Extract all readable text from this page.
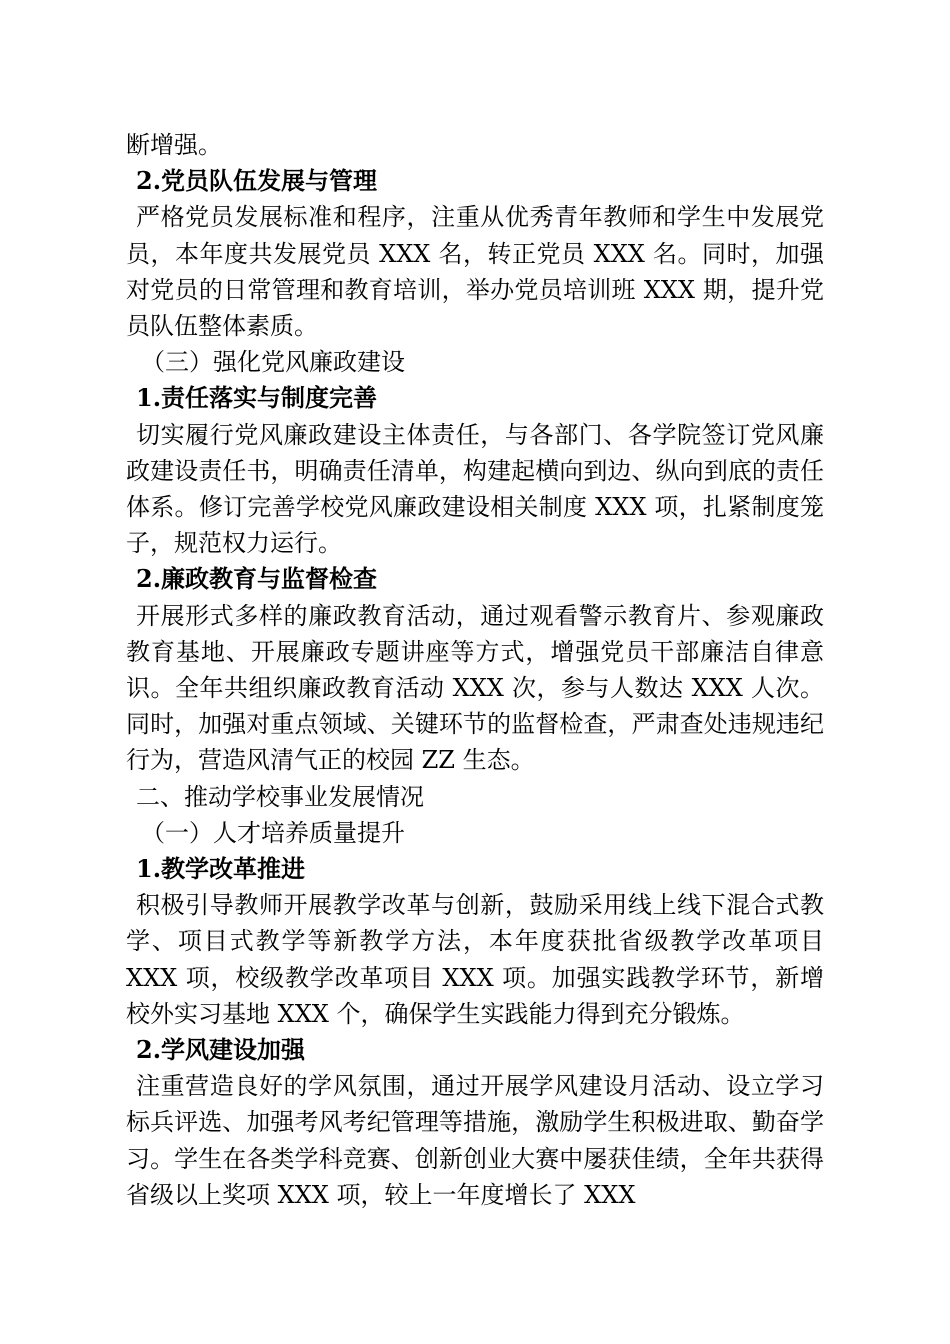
断增强。

2.党员队伍发展与管理

严格党员发展标准和程序，注重从优秀青年教师和学生中发展党员，本年度共发展党员 XXX 名，转正党员 XXX 名。同时，加强对党员的日常管理和教育培训，举办党员培训班 XXX 期，提升党员队伍整体素质。

（三）强化党风廉政建设

1.责任落实与制度完善

切实履行党风廉政建设主体责任，与各部门、各学院签订党风廉政建设责任书，明确责任清单，构建起横向到边、纵向到底的责任体系。修订完善学校党风廉政建设相关制度 XXX 项，扎紧制度笼子，规范权力运行。

2.廉政教育与监督检查

开展形式多样的廉政教育活动，通过观看警示教育片、参观廉政教育基地、开展廉政专题讲座等方式，增强党员干部廉洁自律意识。全年共组织廉政教育活动 XXX 次，参与人数达 XXX 人次。同时，加强对重点领域、关键环节的监督检查，严肃查处违规违纪行为，营造风清气正的校园 ZZ 生态。

二、推动学校事业发展情况

（一）人才培养质量提升

1.教学改革推进

积极引导教师开展教学改革与创新，鼓励采用线上线下混合式教学、项目式教学等新教学方法，本年度获批省级教学改革项目 XXX 项，校级教学改革项目 XXX 项。加强实践教学环节，新增校外实习基地 XXX 个，确保学生实践能力得到充分锻炼。

2.学风建设加强

注重营造良好的学风氛围，通过开展学风建设月活动、设立学习标兵评选、加强考风考纪管理等措施，激励学生积极进取、勤奋学习。学生在各类学科竞赛、创新创业大赛中屡获佳绩，全年共获得省级以上奖项 XXX 项，较上一年度增长了 XXX
